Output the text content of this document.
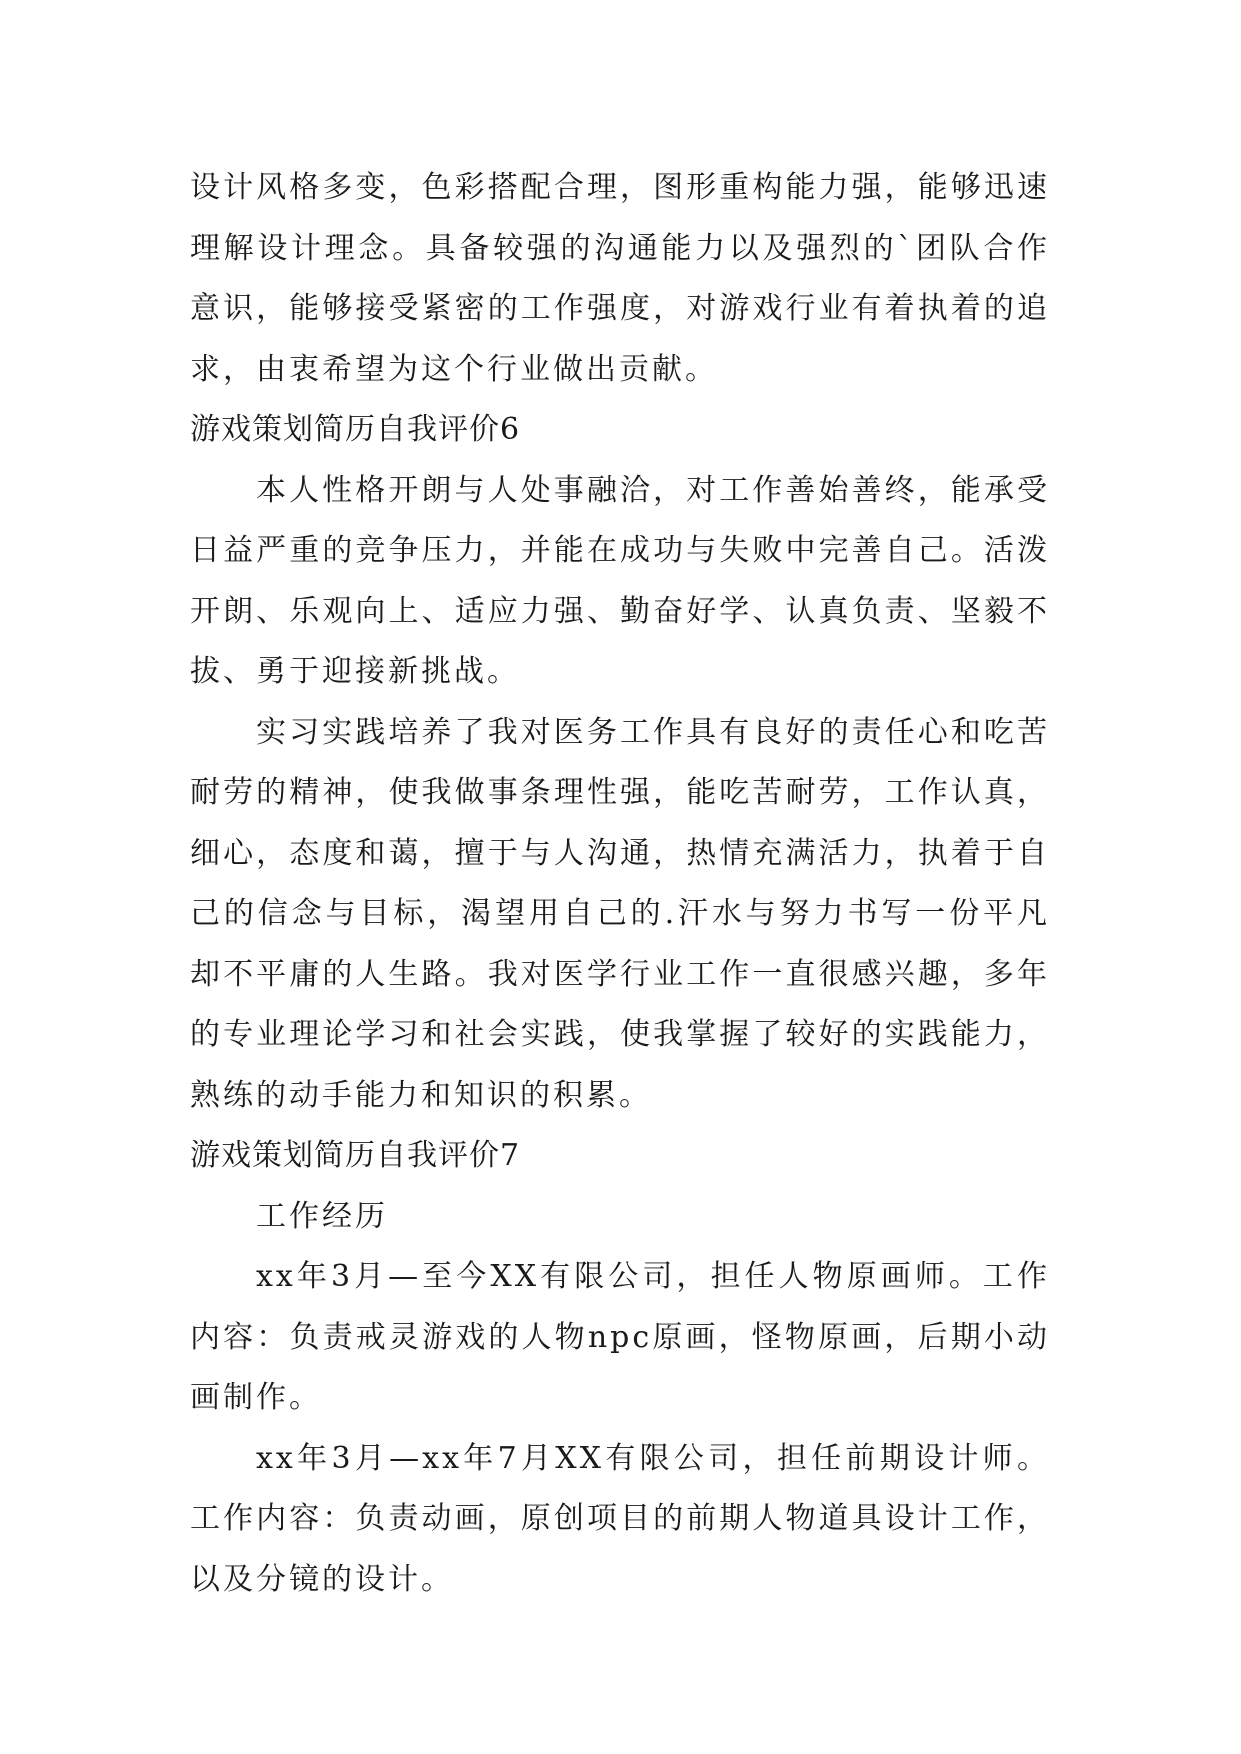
设计风格多变，色彩搭配合理，图形重构能力强，能够迅速理解设计理念。具备较强的沟通能力以及强烈的`团队合作意识，能够接受紧密的工作强度，对游戏行业有着执着的追求，由衷希望为这个行业做出贡献。

游戏策划简历自我评价6

本人性格开朗与人处事融洽，对工作善始善终，能承受日益严重的竞争压力，并能在成功与失败中完善自己。活泼开朗、乐观向上、适应力强、勤奋好学、认真负责、坚毅不拔、勇于迎接新挑战。

实习实践培养了我对医务工作具有良好的责任心和吃苦耐劳的精神，使我做事条理性强，能吃苦耐劳，工作认真，细心，态度和蔼，擅于与人沟通，热情充满活力，执着于自己的信念与目标，渴望用自己的.汗水与努力书写一份平凡却不平庸的人生路。我对医学行业工作一直很感兴趣，多年的专业理论学习和社会实践，使我掌握了较好的实践能力，熟练的动手能力和知识的积累。

游戏策划简历自我评价7

工作经历

xx年3月—至今XX有限公司，担任人物原画师。工作内容：负责戒灵游戏的人物npc原画，怪物原画，后期小动画制作。

xx年3月—xx年7月XX有限公司，担任前期设计师。工作内容：负责动画，原创项目的前期人物道具设计工作，以及分镜的设计。
